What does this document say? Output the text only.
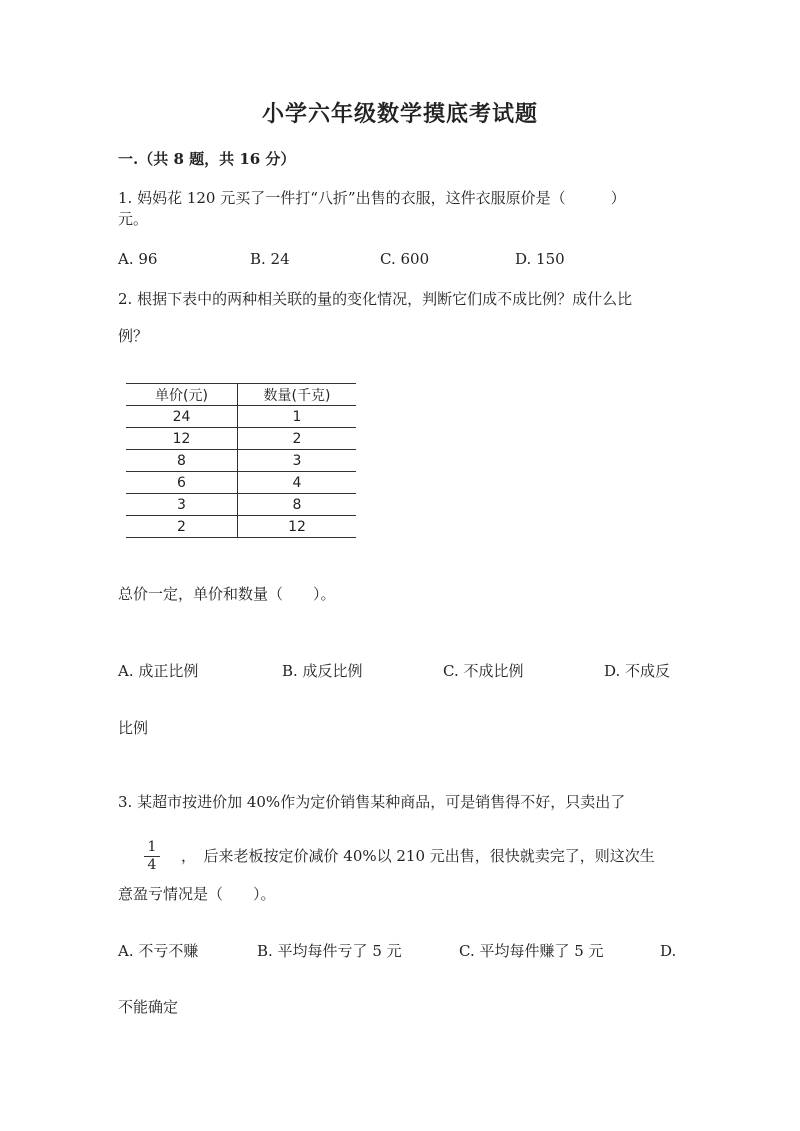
小学六年级数学摸底考试题
一.（共 8 题，共 16 分）
1. 妈妈花 120 元买了一件打“八折”出售的衣服，这件衣服原价是（　　　）
元。
A. 96	B. 24	C. 600	D. 150
2. 根据下表中的两种相关联的量的变化情况，判断它们成不成比例？成什么比
例？
单价(元)	数量(千克)
24	1
12	2
8	3
6	4
3	8
2	12
总价一定，单价和数量（　　）。
A. 成正比例	B. 成反比例	C. 不成比例	D. 不成反
比例
3. 某超市按进价加 40%作为定价销售某种商品，可是销售得不好，只卖出了
1
4	，　后来老板按定价减价 40%以 210 元出售，很快就卖完了，则这次生
意盈亏情况是（　　）。
A. 不亏不赚	B. 平均每件亏了 5 元	C. 平均每件赚了 5 元	D.
不能确定
